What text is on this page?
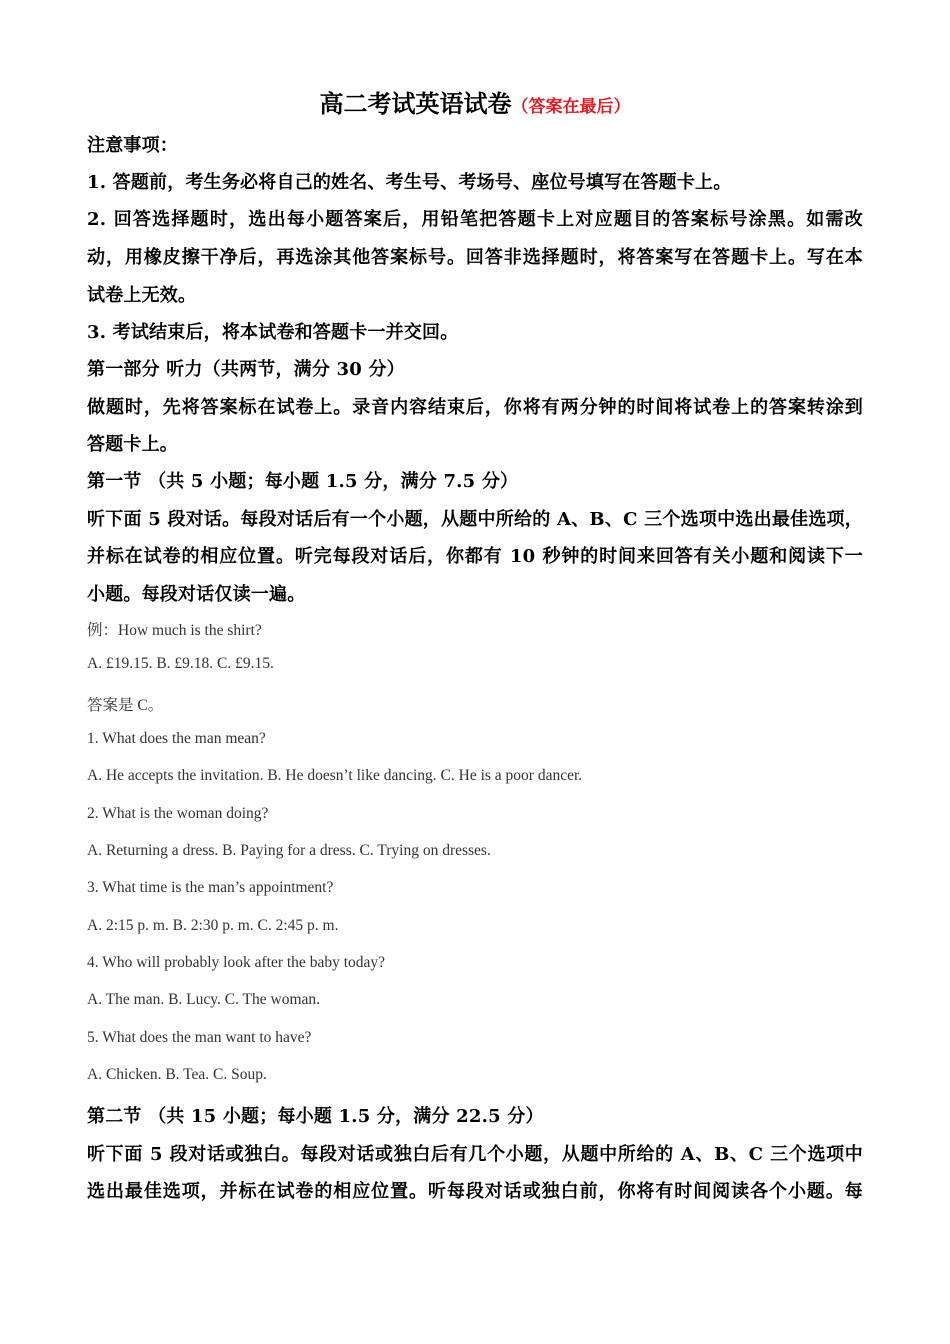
高二考试英语试卷（答案在最后）
注意事项：
1. 答题前，考生务必将自己的姓名、考生号、考场号、座位号填写在答题卡上。
2. 回答选择题时，选出每小题答案后，用铅笔把答题卡上对应题目的答案标号涂黑。如需改
动，用橡皮擦干净后，再选涂其他答案标号。回答非选择题时，将答案写在答题卡上。写在本
试卷上无效。
3. 考试结束后，将本试卷和答题卡一并交回。
第一部分 听力（共两节，满分 30 分）
做题时，先将答案标在试卷上。录音内容结束后，你将有两分钟的时间将试卷上的答案转涂到
答题卡上。
第一节 （共 5 小题；每小题 1.5 分，满分 7.5 分）
听下面 5 段对话。每段对话后有一个小题，从题中所给的 A、B、C 三个选项中选出最佳选项，
并标在试卷的相应位置。听完每段对话后，你都有 10 秒钟的时间来回答有关小题和阅读下一
小题。每段对话仅读一遍。
例：How much is the shirt?
A. £19.15. B. £9.18. C. £9.15.
答案是 C。
1. What does the man mean?
A. He accepts the invitation. B. He doesn’t like dancing. C. He is a poor dancer.
2. What is the woman doing?
A. Returning a dress. B. Paying for a dress. C. Trying on dresses.
3. What time is the man’s appointment?
A. 2:15 p. m. B. 2:30 p. m. C. 2:45 p. m.
4. Who will probably look after the baby today?
A. The man. B. Lucy. C. The woman.
5. What does the man want to have?
A. Chicken. B. Tea. C. Soup.
第二节 （共 15 小题；每小题 1.5 分，满分 22.5 分）
听下面 5 段对话或独白。每段对话或独白后有几个小题，从题中所给的 A、B、C 三个选项中
选出最佳选项，并标在试卷的相应位置。听每段对话或独白前，你将有时间阅读各个小题。每
